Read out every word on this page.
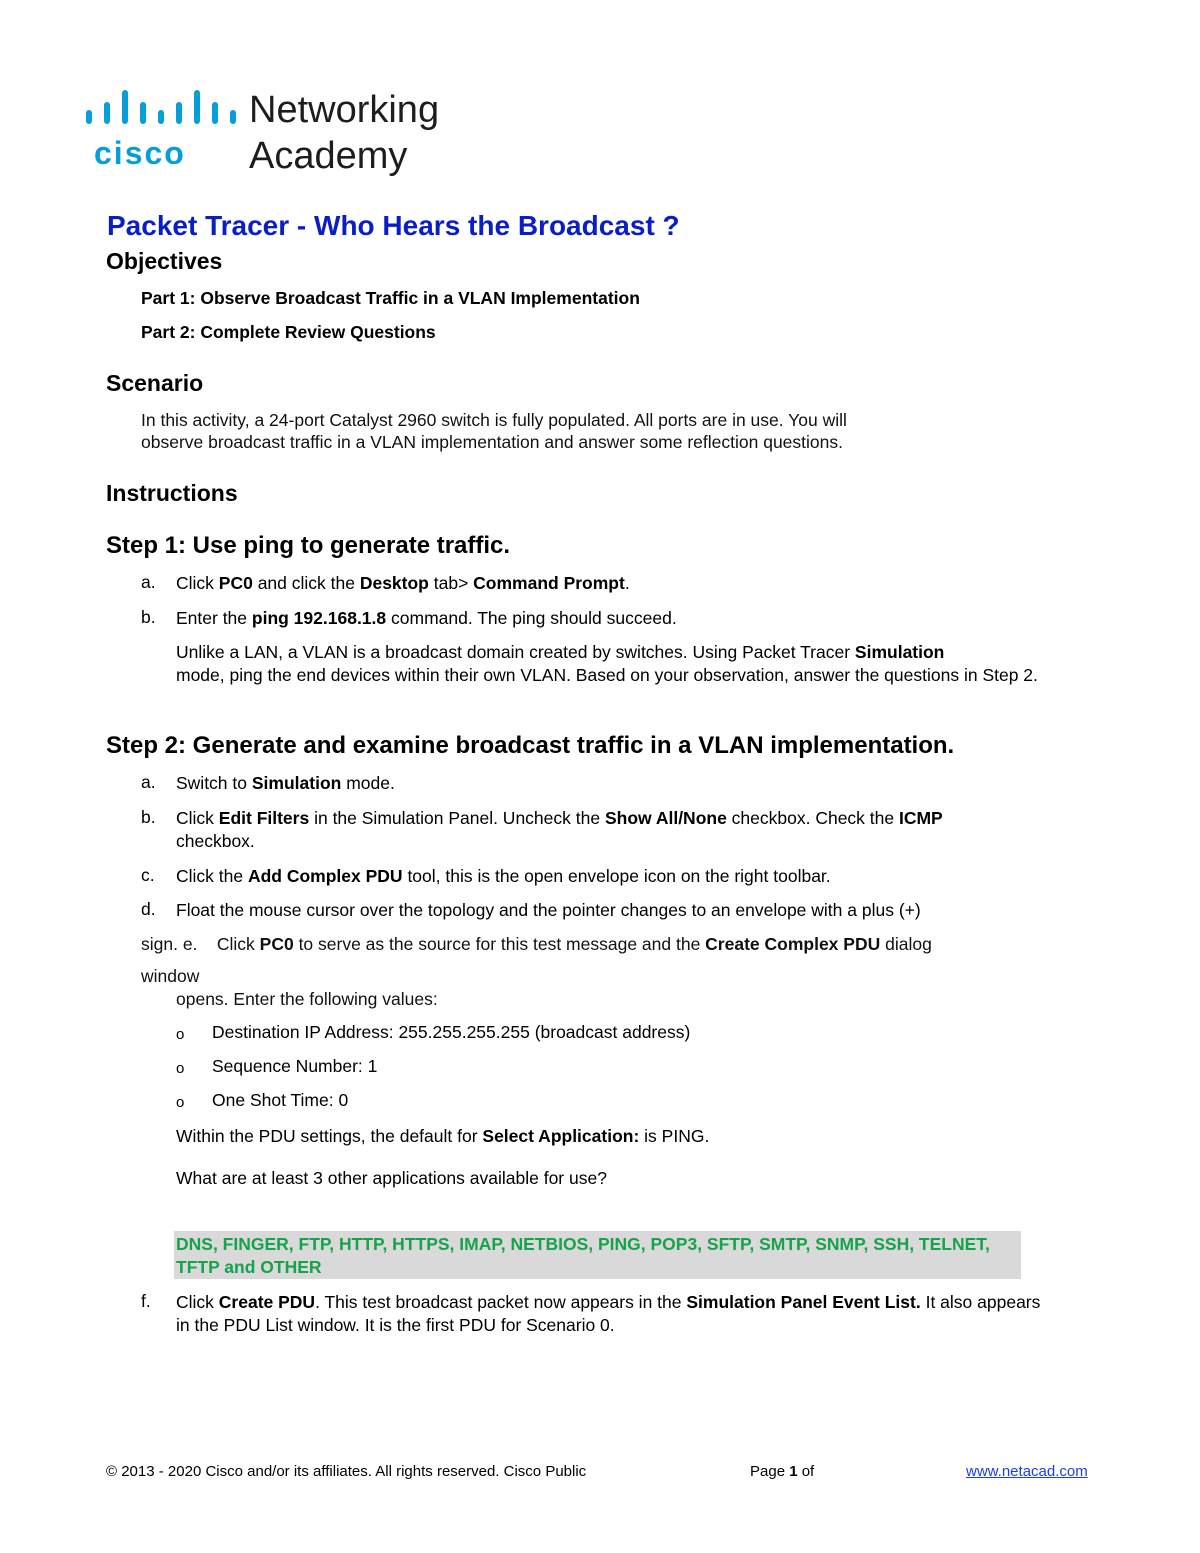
cisco
Networking
Academy
Packet Tracer - Who Hears the Broadcast ?
Objectives
Part 1: Observe Broadcast Traffic in a VLAN Implementation
Part 2: Complete Review Questions
Scenario
In this activity, a 24-port Catalyst 2960 switch is fully populated. All ports are in use. You will
observe broadcast traffic in a VLAN implementation and answer some reflection questions.
Instructions
Step 1: Use ping to generate traffic.
a. Click PC0 and click the Desktop tab> Command Prompt.
b. Enter the ping 192.168.1.8 command. The ping should succeed.
Unlike a LAN, a VLAN is a broadcast domain created by switches. Using Packet Tracer Simulation
mode, ping the end devices within their own VLAN. Based on your observation, answer the questions in Step 2.
Step 2: Generate and examine broadcast traffic in a VLAN implementation.
a. Switch to Simulation mode.
b. Click Edit Filters in the Simulation Panel. Uncheck the Show All/None checkbox. Check the ICMP
checkbox.
c. Click the Add Complex PDU tool, this is the open envelope icon on the right toolbar.
d. Float the mouse cursor over the topology and the pointer changes to an envelope with a plus (+)
sign. e.    Click PC0 to serve as the source for this test message and the Create Complex PDU dialog
window
opens. Enter the following values:
o Destination IP Address: 255.255.255.255 (broadcast address)
o Sequence Number: 1
o One Shot Time: 0
Within the PDU settings, the default for Select Application: is PING.
What are at least 3 other applications available for use?
DNS, FINGER, FTP, HTTP, HTTPS, IMAP, NETBIOS, PING, POP3, SFTP, SMTP, SNMP, SSH, TELNET, TFTP and OTHER
f. Click Create PDU. This test broadcast packet now appears in the Simulation Panel Event List. It also appears in the PDU List window. It is the first PDU for Scenario 0.
© 2013 - 2020 Cisco and/or its affiliates. All rights reserved. Cisco Public	Page 1 of	www.netacad.com
